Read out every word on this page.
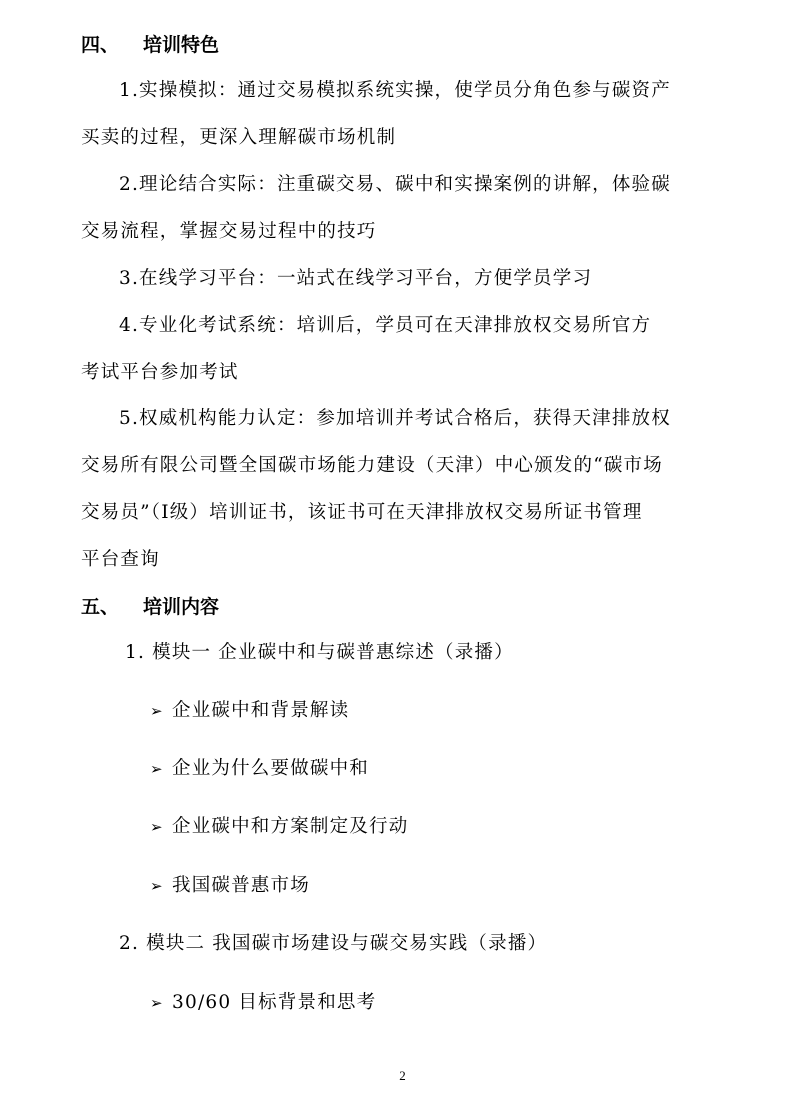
四、 培训特色
1.实操模拟：通过交易模拟系统实操，使学员分角色参与碳资产
买卖的过程，更深入理解碳市场机制
2.理论结合实际：注重碳交易、碳中和实操案例的讲解，体验碳
交易流程，掌握交易过程中的技巧
3.在线学习平台：一站式在线学习平台，方便学员学习
4.专业化考试系统：培训后，学员可在天津排放权交易所官方
考试平台参加考试
5.权威机构能力认定：参加培训并考试合格后，获得天津排放权
交易所有限公司暨全国碳市场能力建设（天津）中心颁发的“碳市场
交易员”（I级）培训证书，该证书可在天津排放权交易所证书管理
平台查询
五、 培训内容
1. 模块一 企业碳中和与碳普惠综述（录播）
➢ 企业碳中和背景解读
➢ 企业为什么要做碳中和
➢ 企业碳中和方案制定及行动
➢ 我国碳普惠市场
2. 模块二 我国碳市场建设与碳交易实践（录播）
➢ 30/60 目标背景和思考
2
